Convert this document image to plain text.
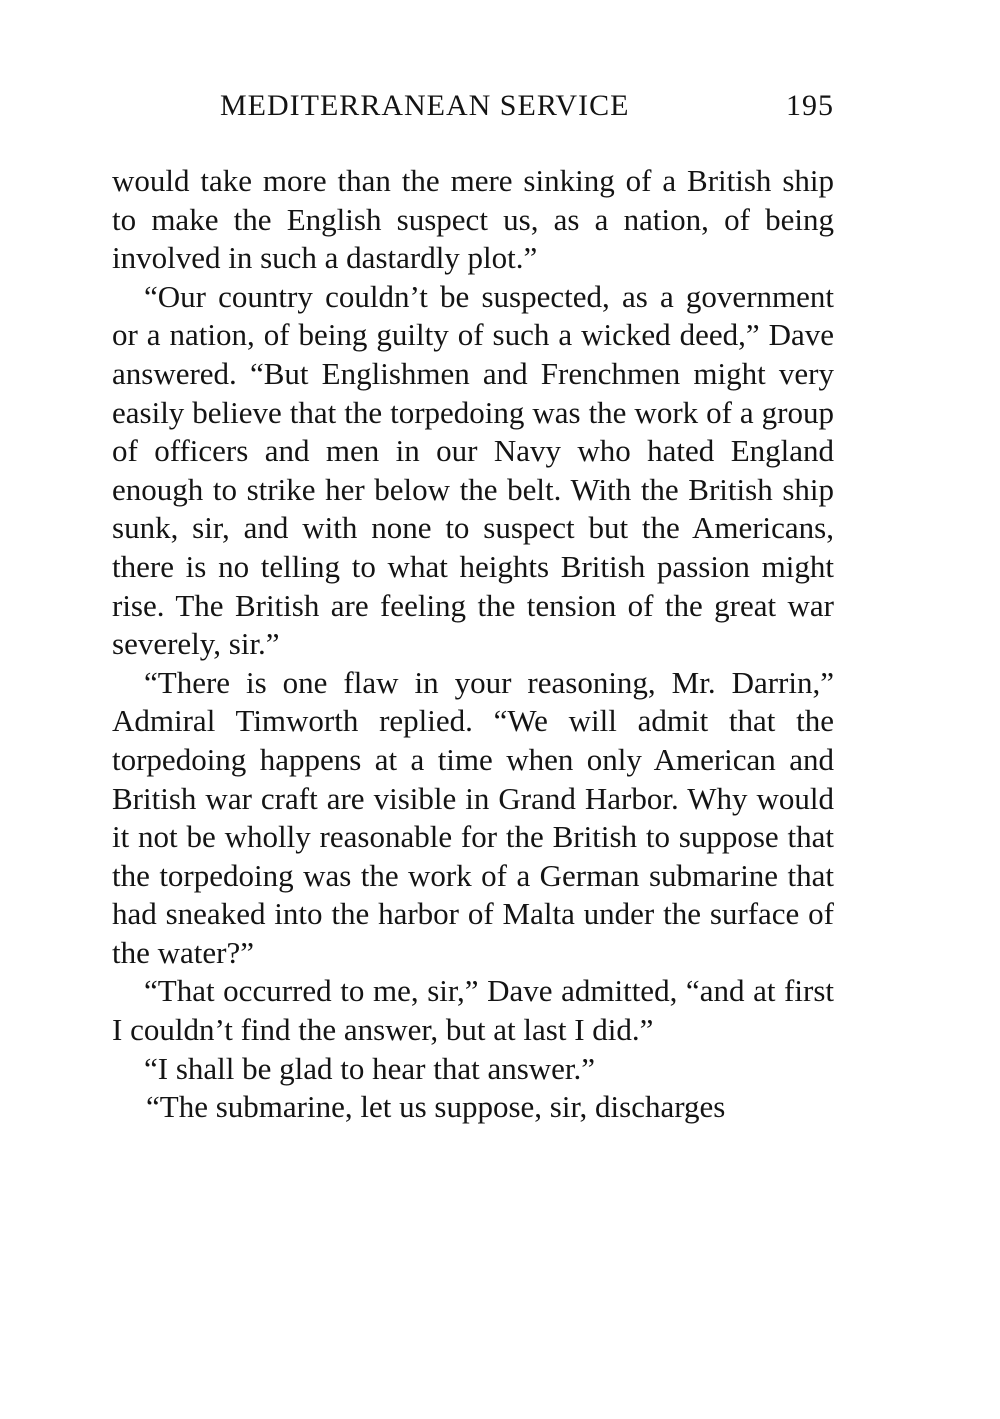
MEDITERRANEAN SERVICE	195

would take more than the mere sinking of a British ship to make the English suspect us, as a nation, of being involved in such a dastardly plot.”

“Our country couldn’t be suspected, as a government or a nation, of being guilty of such a wicked deed,” Dave answered. “But Englishmen and Frenchmen might very easily believe that the torpedoing was the work of a group of officers and men in our Navy who hated England enough to strike her below the belt. With the British ship sunk, sir, and with none to suspect but the Americans, there is no telling to what heights British passion might rise. The British are feeling the tension of the great war severely, sir.”

“There is one flaw in your reasoning, Mr. Darrin,” Admiral Timworth replied. “We will admit that the torpedoing happens at a time when only American and British war craft are visible in Grand Harbor. Why would it not be wholly reasonable for the British to suppose that the torpedoing was the work of a German submarine that had sneaked into the harbor of Malta under the surface of the water?”

“That occurred to me, sir,” Dave admitted, “and at first I couldn’t find the answer, but at last I did.”

“I shall be glad to hear that answer.”

“The submarine, let us suppose, sir, discharges
